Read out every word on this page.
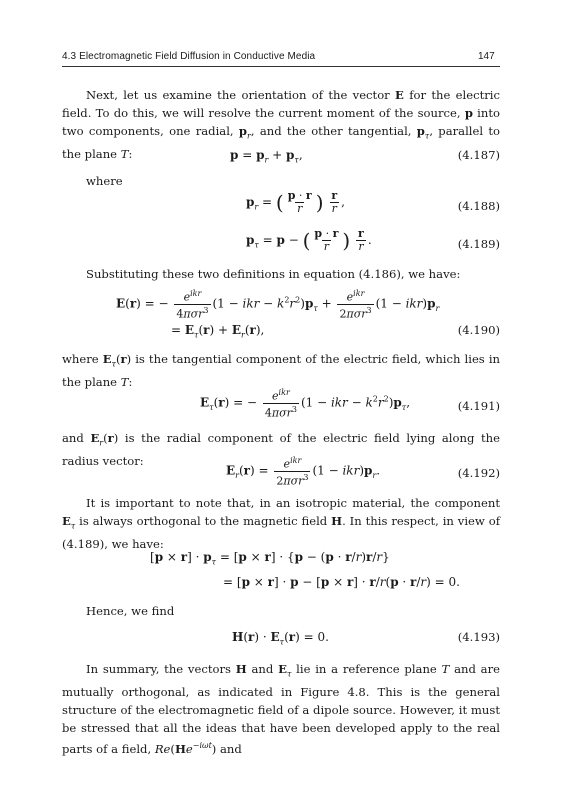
4.3 Electromagnetic Field Diffusion in Conductive Media	147
Next, let us examine the orientation of the vector E for the electric field. To do this, we will resolve the current moment of the source, p into two components, one radial, $p_r$, and the other tangential, $p_\tau$, parallel to the plane T:	$p = p_r + p_\tau$,	(4.187)
where
$p_r$ = ( $\frac{p \cdot r}{r}$ ) $\frac{r}{r}$ ,	(4.188)
$p_\tau = p$ − ( $\frac{p \cdot r}{r}$ ) $\frac{r}{r}$ .	(4.189)
Substituting these two definitions in equation (4.186), we have:
E(r) = − $\frac{e^{ikr}}{4\pi\sigma r^3} (1$ − ikr − $k^2r^2)p_\tau + \frac{e^{ikr}}{2\pi\sigma r^3} (1 - ikr)p_r$
= $E_\tau(r) + E_r(r)$,	(4.190)
where $E_\tau(r)$ is the tangential component of the electric field, which lies in the plane T:
$E_\tau(r)$ = − $\frac{e^{ikr}}{4\pi\sigma r^3} (1$ − ikr − $k^2r^2)p_\tau$,	(4.191)
and $E_r(r)$ is the radial component of the electric field lying along the radius vector:
$E_r(r) = \frac{e^{ikr}}{2\pi\sigma r^3} (1 - ikr)p_r$.	(4.192)
It is important to note that, in an isotropic material, the component $E_\tau$ is always orthogonal to the magnetic field H. In this respect, in view of (4.189), we have:
$[p \times r] \cdot p_\tau = [p \times r] \cdot \{p - (p \cdot r/r)r/r\}$
= [p × r] · p − [p × r] · r/r(p · r/r) = 0.
Hence, we find
$H(r) \cdot E_\tau(r) = 0$.	(4.193)
In summary, the vectors H and $E_\tau$ lie in a reference plane T and are mutually orthogonal, as indicated in Figure 4.8. This is the general structure of the electromagnetic field of a dipole source. However, it must be stressed that all the ideas that have been developed apply to the real parts of a field, $Re(He^{-i\omega t})$ and
